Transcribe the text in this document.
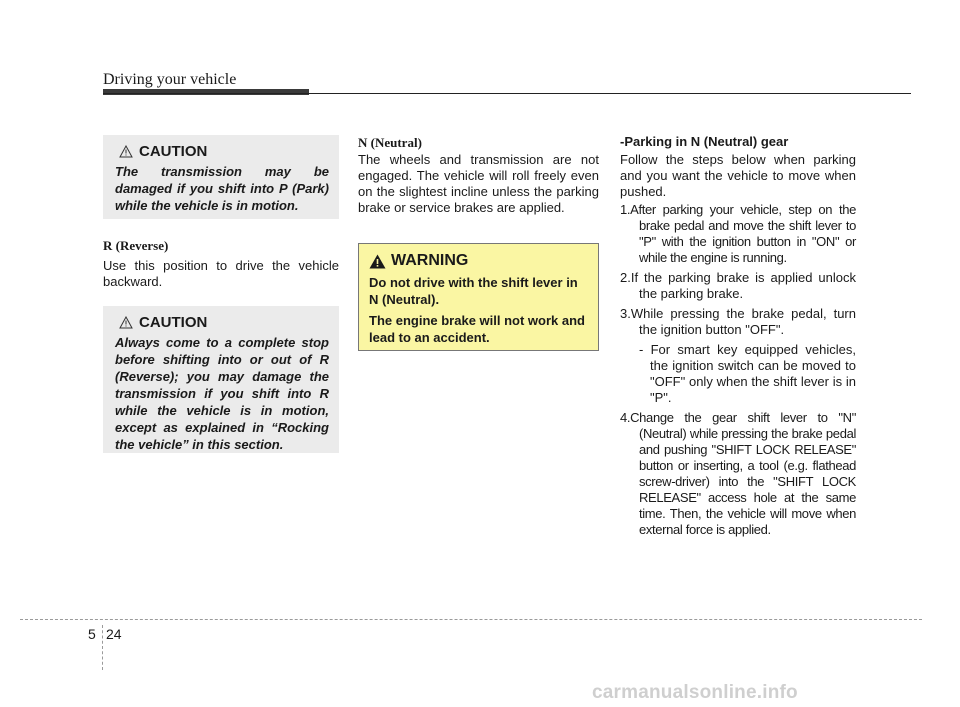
Driving your vehicle
CAUTION
The transmission may be damaged if you shift into P (Park) while the vehicle is in motion.
R (Reverse)
Use this position to drive the vehicle backward.
CAUTION
Always come to a complete stop before shifting into or out of R (Reverse); you may damage the transmission if you shift into R while the vehicle is in motion, except as explained in “Rocking the vehicle” in this section.
N (Neutral)
The wheels and transmission are not engaged. The vehicle will roll freely even on the slightest incline unless the parking brake or service brakes are applied.
WARNING

Do not drive with the shift lever in N (Neutral).

The engine brake will not work and lead to an accident.

-Parking in N (Neutral) gear
Follow the steps below when parking and you want the vehicle to move when pushed.
1.After parking your vehicle, step on the brake pedal and move the shift lever to "P" with the ignition button in "ON" or while the engine is running.
2.If the parking brake is applied unlock the parking brake.
3.While pressing the brake pedal, turn the ignition button "OFF".
- For smart key equipped vehicles, the ignition switch can be moved to "OFF" only when the shift lever is in "P".
4.Change the gear shift lever to "N" (Neutral) while pressing the brake pedal and pushing "SHIFT LOCK RELEASE" button or inserting, a tool (e.g. flathead screw-driver) into the "SHIFT LOCK RELEASE" access hole at the same time. Then, the vehicle will move when external force is applied.
5 24
carmanualsonline.info
